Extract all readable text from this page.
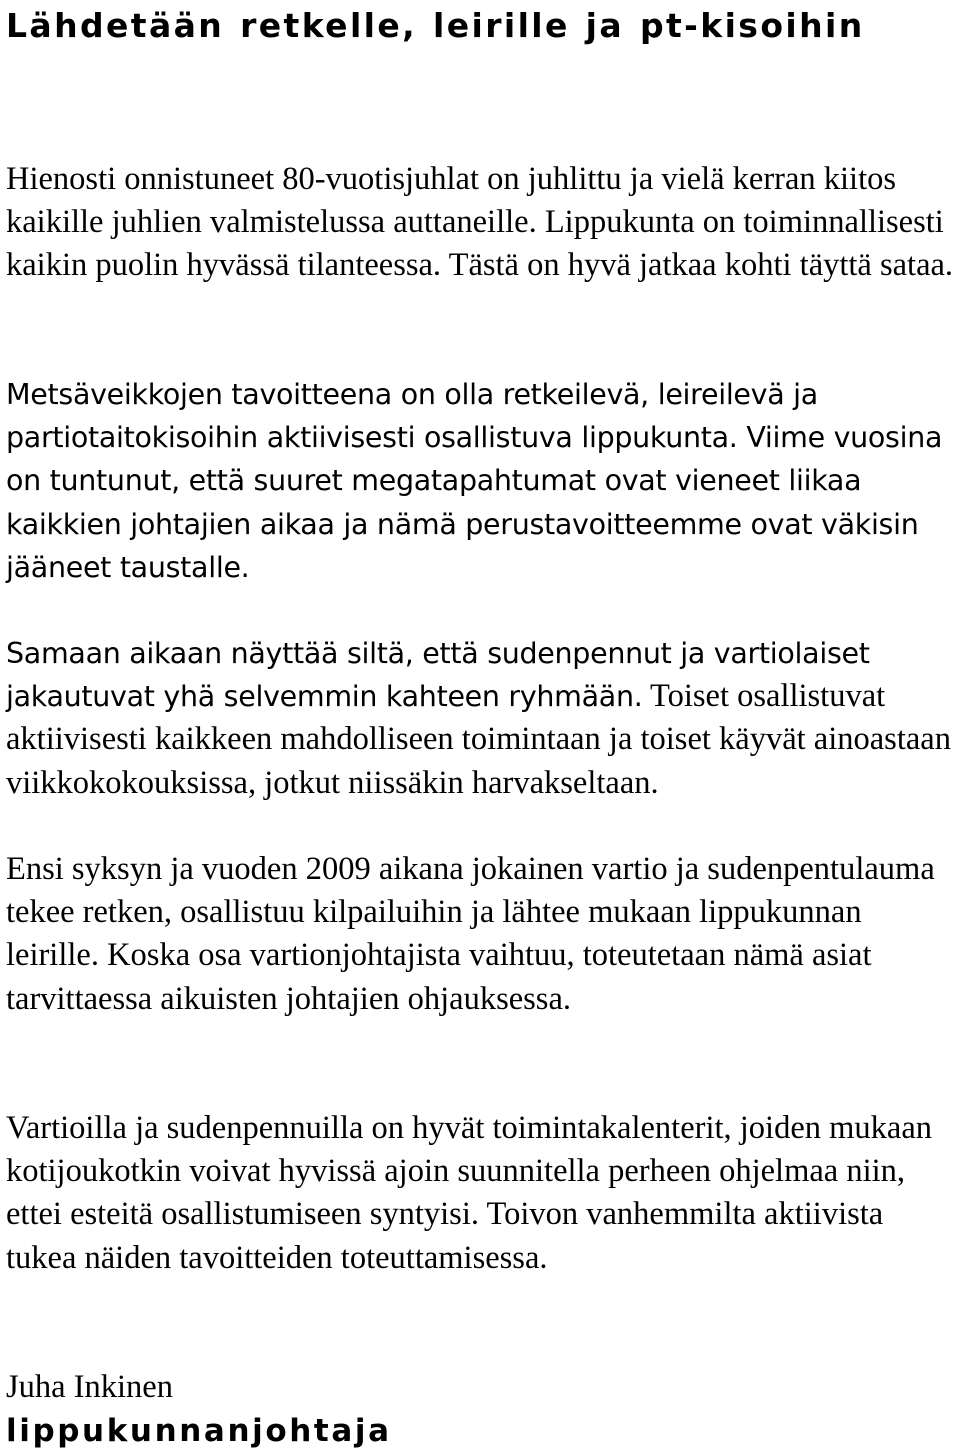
Lähdetään retkelle, leirille ja pt-kisoihin

Hienosti onnistuneet 80-vuotisjuhlat on juhlittu ja vielä kerran kiitos kaikille juhlien valmistelussa auttaneille. Lippukunta on toiminnallisesti kaikin puolin hyvässä tilanteessa. Tästä on hyvä jatkaa kohti täyttä sataa.

Metsäveikkojen tavoitteena on olla retkeilevä, leireilevä ja partiotaitokisoihin aktiivisesti osallistuva lippukunta. Viime vuosina on tuntunut, että suuret megatapahtumat ovat vieneet liikaa kaikkien johtajien aikaa ja nämä perustavoitteemme ovat väkisin jääneet taustalle.

Samaan aikaan näyttää siltä, että sudenpennut ja vartiolaiset jakautuvat yhä selvemmin kahteen ryhmään. Toiset osallistuvat aktiivisesti kaikkeen mahdolliseen toimintaan ja toiset käyvät ainoastaan viikkokokouksissa, jotkut niissäkin harvakseltaan.

Ensi syksyn ja vuoden 2009 aikana jokainen vartio ja sudenpentulauma tekee retken, osallistuu kilpailuihin ja lähtee mukaan lippukunnan leirille. Koska osa vartionjohtajista vaihtuu, toteutetaan nämä asiat tarvittaessa aikuisten johtajien ohjauksessa.

Vartioilla ja sudenpennuilla on hyvät toimintakalenterit, joiden mukaan kotijoukotkin voivat hyvissä ajoin suunnitella perheen ohjelmaa niin, ettei esteitä osallistumiseen syntyisi. Toivon vanhemmilta aktiivista tukea näiden tavoitteiden toteuttamisessa.

Juha Inkinen
lippukunnanjohtaja
